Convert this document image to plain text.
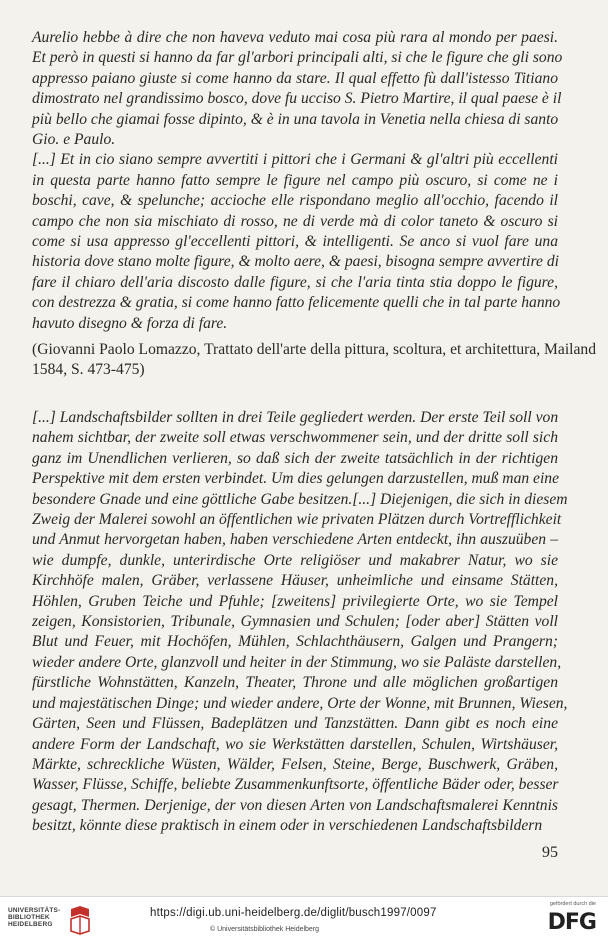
Aurelio hebbe à dire che non haveva veduto mai cosa più rara al mondo per paesi.
Et però in questi si hanno da far gl'arbori principali alti, si che le figure che gli sono
appresso paiano giuste si come hanno da stare. Il qual effetto fù dall'istesso Titiano
dimostrato nel grandissimo bosco, dove fu ucciso S. Pietro Martire, il qual paese è il
più bello che giamai fosse dipinto, & è in una tavola in Venetia nella chiesa di santo
Gio. e Paulo.
[...] Et in cio siano sempre avvertiti i pittori che i Germani & gl'altri più eccellenti
in questa parte hanno fatto sempre le figure nel campo più oscuro, si come ne i
boschi, cave, & spelunche; accioche elle rispondano meglio all'occhio, facendo il
campo che non sia mischiato di rosso, ne di verde mà di color taneto & oscuro si
come si usa appresso gl'eccellenti pittori, & intelligenti. Se anco si vuol fare una
historia dove stano molte figure, & molto aere, & paesi, bisogna sempre avvertire di
fare il chiaro dell'aria discosto dalle figure, si che l'aria tinta stia doppo le figure,
con destrezza & gratia, si come hanno fatto felicemente quelli che in tal parte hanno
havuto disegno & forza di fare.
(Giovanni Paolo Lomazzo, Trattato dell'arte della pittura, scoltura, et architettura, Mailand
1584, S. 473-475)
[...] Landschaftsbilder sollten in drei Teile gegliedert werden. Der erste Teil soll von
nahem sichtbar, der zweite soll etwas verschwommener sein, und der dritte soll sich
ganz im Unendlichen verlieren, so daß sich der zweite tatsächlich in der richtigen
Perspektive mit dem ersten verbindet. Um dies gelungen darzustellen, muß man eine
besondere Gnade und eine göttliche Gabe besitzen.[...] Diejenigen, die sich in diesem
Zweig der Malerei sowohl an öffentlichen wie privaten Plätzen durch Vortrefflichkeit
und Anmut hervorgetan haben, haben verschiedene Arten entdeckt, ihn auszuüben –
wie dumpfe, dunkle, unterirdische Orte religiöser und makabrer Natur, wo sie
Kirchhöfe malen, Gräber, verlassene Häuser, unheimliche und einsame Stätten,
Höhlen, Gruben Teiche und Pfuhle; [zweitens] privilegierte Orte, wo sie Tempel
zeigen, Konsistorien, Tribunale, Gymnasien und Schulen; [oder aber] Stätten voll
Blut und Feuer, mit Hochöfen, Mühlen, Schlachthäusern, Galgen und Prangern;
wieder andere Orte, glanzvoll und heiter in der Stimmung, wo sie Paläste darstellen,
fürstliche Wohnstätten, Kanzeln, Theater, Throne und alle möglichen großartigen
und majestätischen Dinge; und wieder andere, Orte der Wonne, mit Brunnen, Wiesen,
Gärten, Seen und Flüssen, Badeplätzen und Tanzstätten. Dann gibt es noch eine
andere Form der Landschaft, wo sie Werkstätten darstellen, Schulen, Wirtshäuser,
Märkte, schreckliche Wüsten, Wälder, Felsen, Steine, Berge, Buschwerk, Gräben,
Wasser, Flüsse, Schiffe, beliebte Zusammenkunftsorte, öffentliche Bäder oder, besser
gesagt, Thermen. Derjenige, der von diesen Arten von Landschaftsmalerei Kenntnis
besitzt, könnte diese praktisch in einem oder in verschiedenen Landschaftsbildern
95
UNIVERSITÄTS-
BIBLIOTHEK
HEIDELBERG
https://digi.ub.uni-heidelberg.de/diglit/busch1997/0097
© Universitätsbibliothek Heidelberg
gefördert durch die
DFG
